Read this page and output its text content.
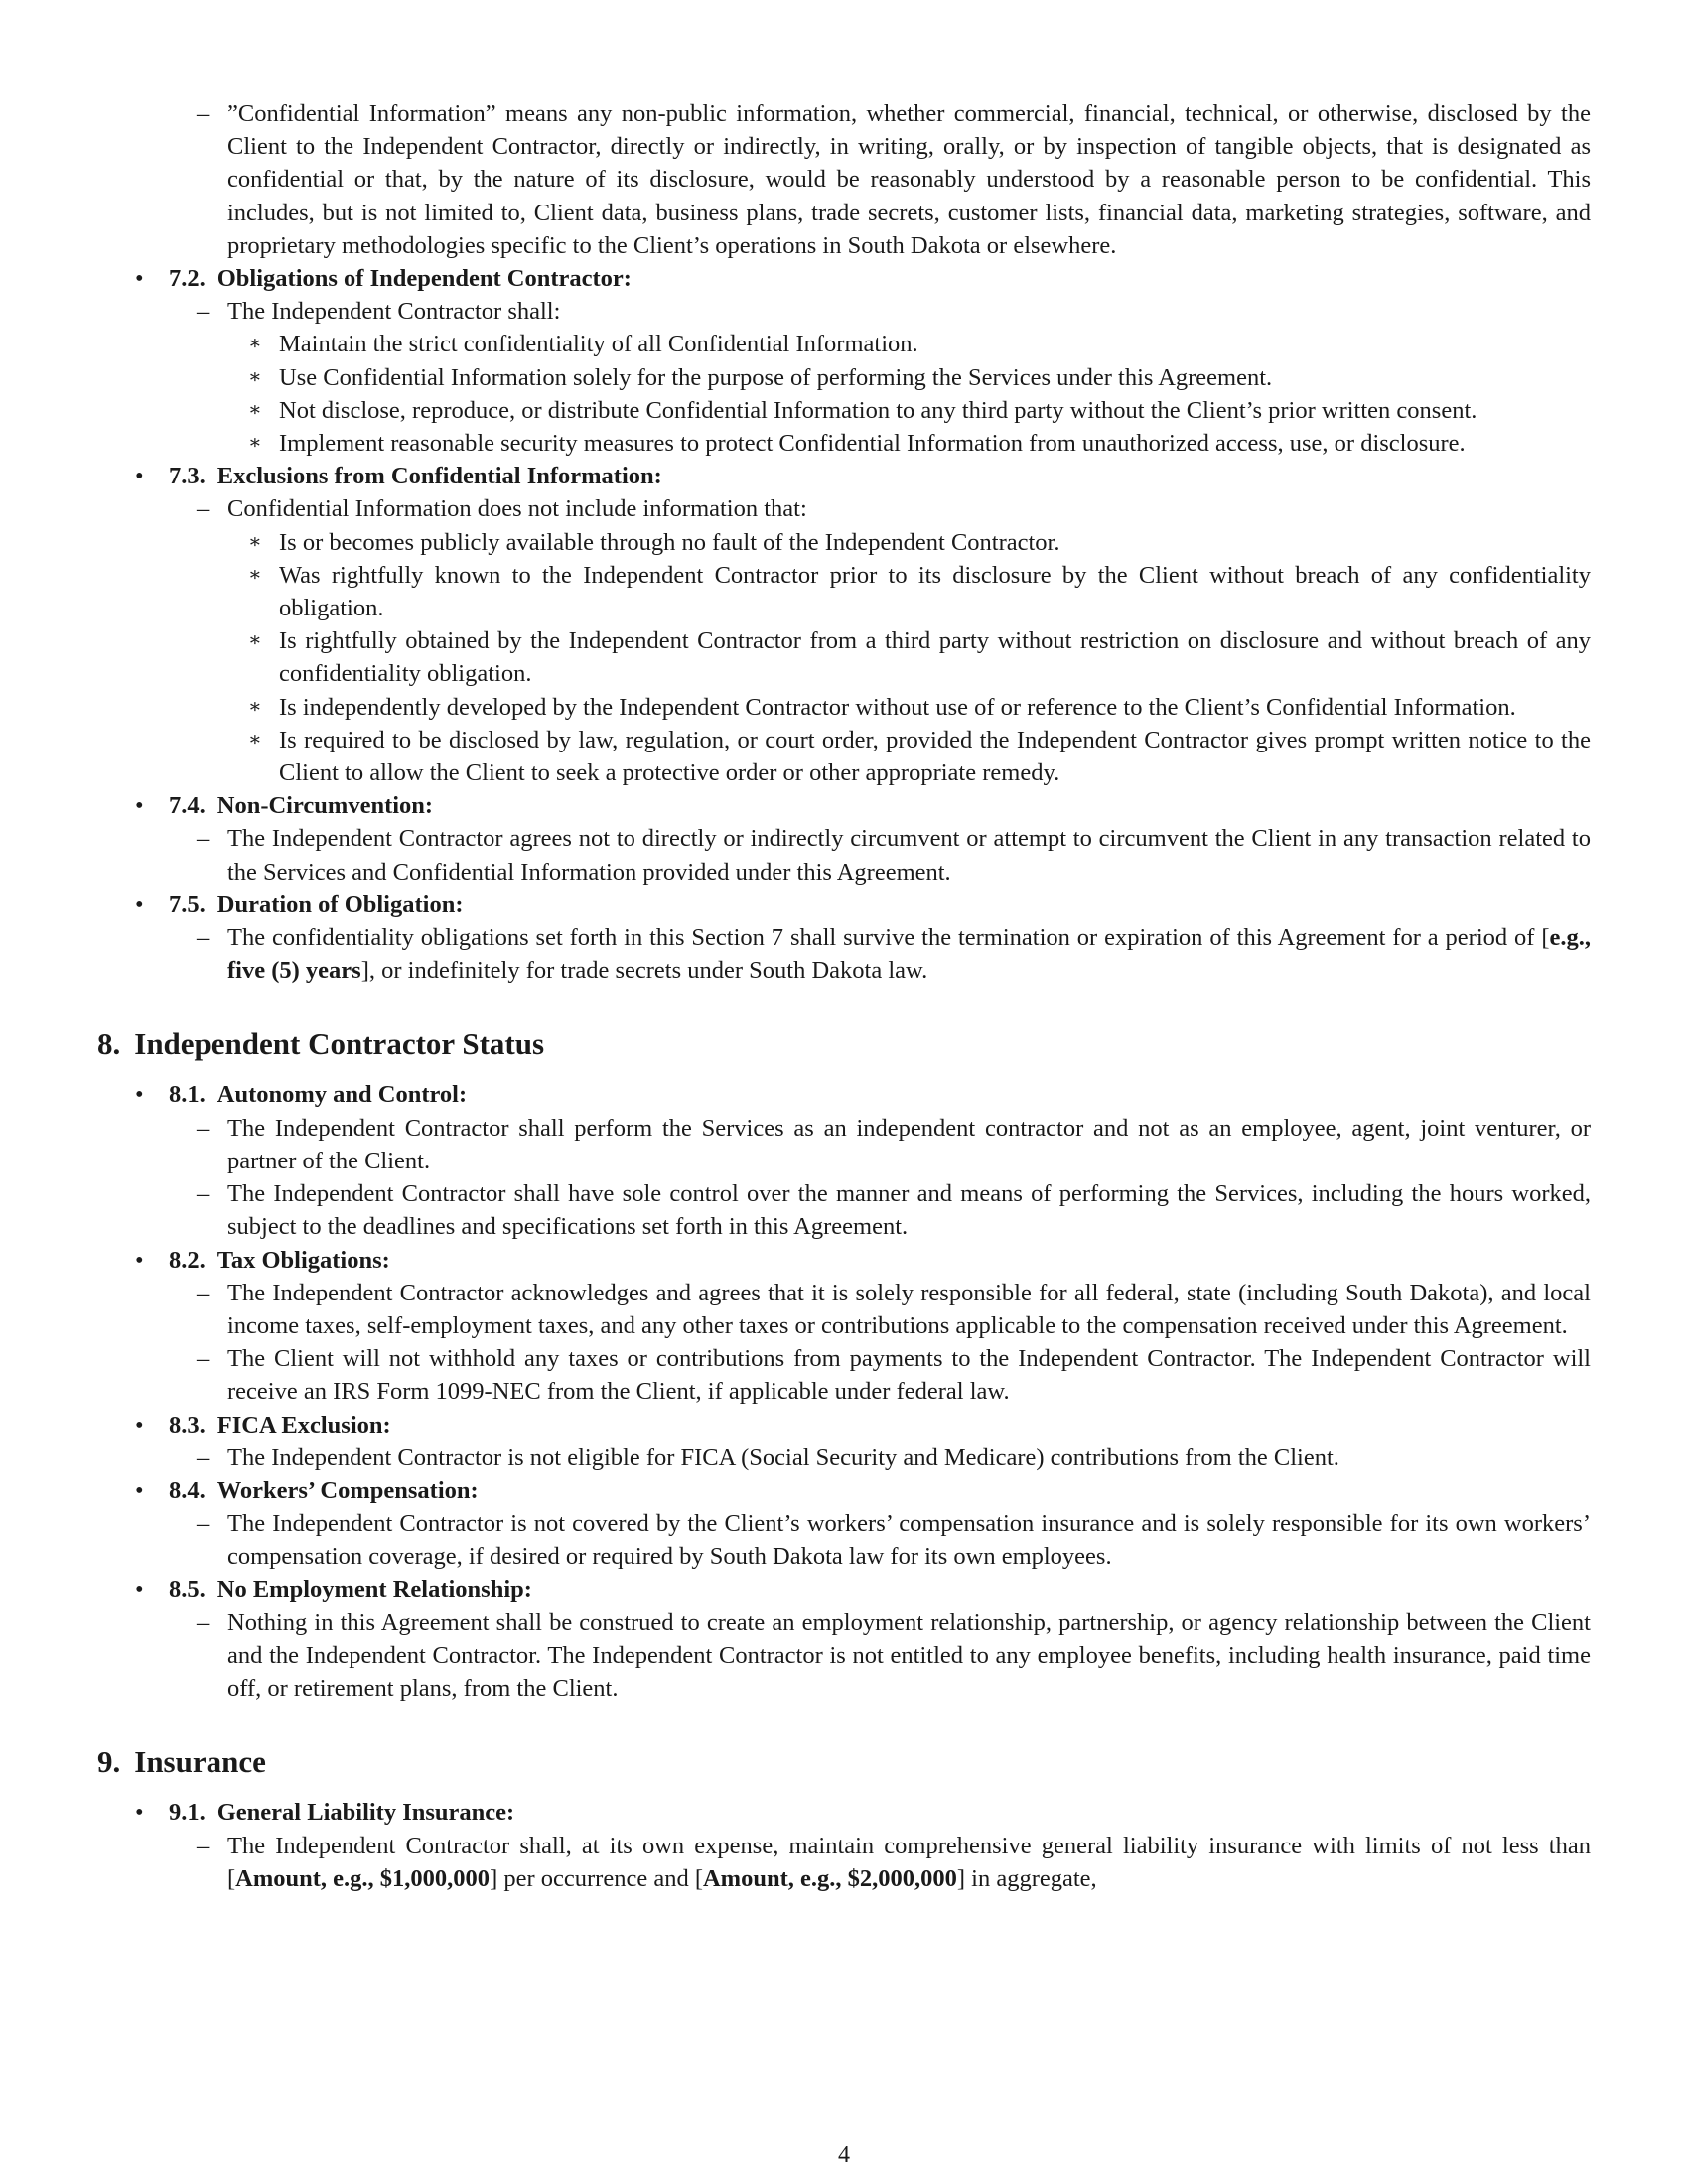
– ”Confidential Information” means any non-public information, whether commercial, financial, technical, or otherwise, disclosed by the Client to the Independent Contractor, directly or indirectly, in writing, orally, or by inspection of tangible objects, that is designated as confidential or that, by the nature of its disclosure, would be reasonably understood by a reasonable person to be confidential. This includes, but is not limited to, Client data, business plans, trade secrets, customer lists, financial data, marketing strategies, software, and proprietary methodologies specific to the Client’s operations in South Dakota or elsewhere.
• 7.2. Obligations of Independent Contractor:
– The Independent Contractor shall:
∗ Maintain the strict confidentiality of all Confidential Information.
∗ Use Confidential Information solely for the purpose of performing the Services under this Agreement.
∗ Not disclose, reproduce, or distribute Confidential Information to any third party without the Client’s prior written consent.
∗ Implement reasonable security measures to protect Confidential Information from unauthorized access, use, or disclosure.
• 7.3. Exclusions from Confidential Information:
– Confidential Information does not include information that:
∗ Is or becomes publicly available through no fault of the Independent Contractor.
∗ Was rightfully known to the Independent Contractor prior to its disclosure by the Client without breach of any confidentiality obligation.
∗ Is rightfully obtained by the Independent Contractor from a third party without restriction on disclosure and without breach of any confidentiality obligation.
∗ Is independently developed by the Independent Contractor without use of or reference to the Client’s Confidential Information.
∗ Is required to be disclosed by law, regulation, or court order, provided the Independent Contractor gives prompt written notice to the Client to allow the Client to seek a protective order or other appropriate remedy.
• 7.4. Non-Circumvention:
– The Independent Contractor agrees not to directly or indirectly circumvent or attempt to circumvent the Client in any transaction related to the Services and Confidential Information provided under this Agreement.
• 7.5. Duration of Obligation:
– The confidentiality obligations set forth in this Section 7 shall survive the termination or expiration of this Agreement for a period of [e.g., five (5) years], or indefinitely for trade secrets under South Dakota law.
8. Independent Contractor Status
• 8.1. Autonomy and Control:
– The Independent Contractor shall perform the Services as an independent contractor and not as an employee, agent, joint venturer, or partner of the Client.
– The Independent Contractor shall have sole control over the manner and means of performing the Services, including the hours worked, subject to the deadlines and specifications set forth in this Agreement.
• 8.2. Tax Obligations:
– The Independent Contractor acknowledges and agrees that it is solely responsible for all federal, state (including South Dakota), and local income taxes, self-employment taxes, and any other taxes or contributions applicable to the compensation received under this Agreement.
– The Client will not withhold any taxes or contributions from payments to the Independent Contractor. The Independent Contractor will receive an IRS Form 1099-NEC from the Client, if applicable under federal law.
• 8.3. FICA Exclusion:
– The Independent Contractor is not eligible for FICA (Social Security and Medicare) contributions from the Client.
• 8.4. Workers’ Compensation:
– The Independent Contractor is not covered by the Client’s workers’ compensation insurance and is solely responsible for its own workers’ compensation coverage, if desired or required by South Dakota law for its own employees.
• 8.5. No Employment Relationship:
– Nothing in this Agreement shall be construed to create an employment relationship, partnership, or agency relationship between the Client and the Independent Contractor. The Independent Contractor is not entitled to any employee benefits, including health insurance, paid time off, or retirement plans, from the Client.
9. Insurance
• 9.1. General Liability Insurance:
– The Independent Contractor shall, at its own expense, maintain comprehensive general liability insurance with limits of not less than [Amount, e.g., $1,000,000] per occurrence and [Amount, e.g., $2,000,000] in aggregate,
4
